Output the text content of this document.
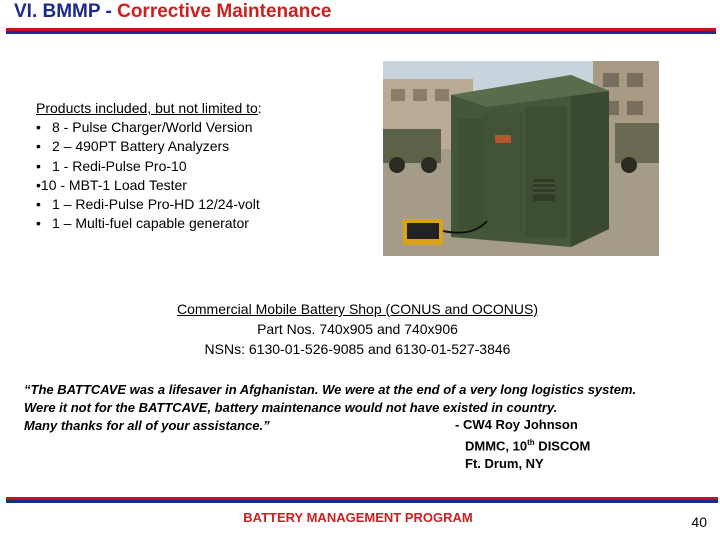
VI. BMMP - Corrective Maintenance
Products included, but not limited to:
• 8 - Pulse Charger/World Version
• 2 – 490PT Battery Analyzers
• 1 - Redi-Pulse Pro-10
•10 - MBT-1 Load Tester
• 1 – Redi-Pulse Pro-HD 12/24-volt
• 1 – Multi-fuel capable generator
Commercial Mobile Battery Shop (CONUS and OCONUS)
Part Nos. 740x905 and 740x906
NSNs: 6130-01-526-9085 and 6130-01-527-3846
“The BATTCAVE was a lifesaver in Afghanistan. We were at the end of a very long logistics system.
Were it not for the BATTCAVE, battery maintenance would not have existed in country.
Many thanks for all of your assistance.”	- CW4 Roy Johnson
DMMC, 10th DISCOM
Ft. Drum, NY
BATTERY MANAGEMENT PROGRAM	40
